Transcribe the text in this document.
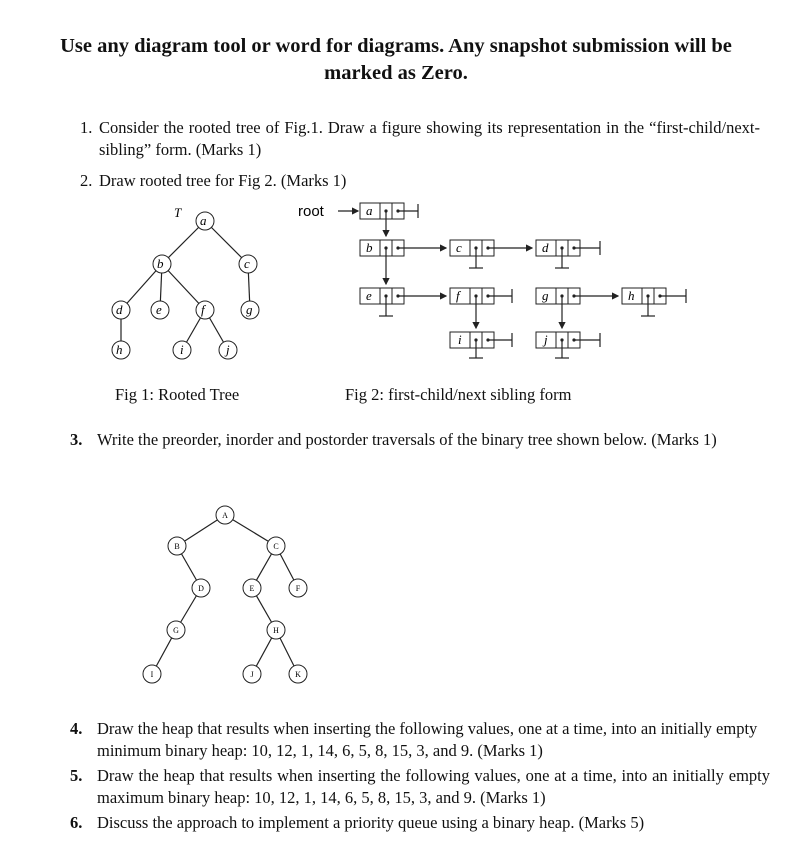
Use any diagram tool or word for diagrams. Any snapshot submission will be
marked as Zero.
1. Consider the rooted tree of Fig.1. Draw a figure showing its representation in the “first-child/next-sibling” form. (Marks 1)
2. Draw rooted tree for Fig 2. (Marks 1)
T
a
b	c
d	e	f	g
h	i	j
root	a
b	c	d
e	f	g	h
i	j
A
B	C
D	E	F
G	H
I	J	K
Fig 1: Rooted Tree	Fig 2: first-child/next sibling form
3. Write the preorder, inorder and postorder traversals of the binary tree shown below. (Marks 1)
4. Draw the heap that results when inserting the following values, one at a time, into an initially empty minimum binary heap: 10, 12, 1, 14, 6, 5, 8, 15, 3, and 9. (Marks 1)
5. Draw the heap that results when inserting the following values, one at a time, into an initially empty maximum binary heap: 10, 12, 1, 14, 6, 5, 8, 15, 3, and 9. (Marks 1)
6. Discuss the approach to implement a priority queue using a binary heap. (Marks 5)
